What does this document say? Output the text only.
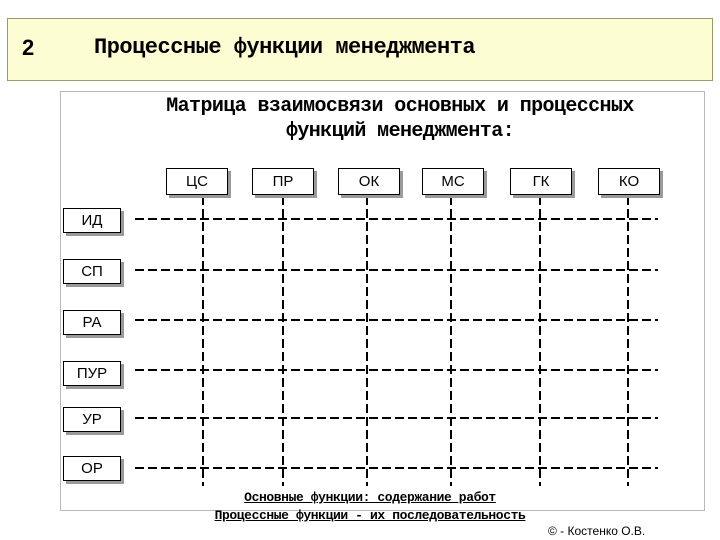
2	Процессные функции менеджмента
Матрица взаимосвязи основных и процессных
функций менеджмента:
ЦС	ПР	ОК	МС	ГК	КО
ИД
СП
РА
ПУР
УР
ОР
Основные функции: содержание работ
Процессные функции - их последовательность
© - Костенко О.В.
